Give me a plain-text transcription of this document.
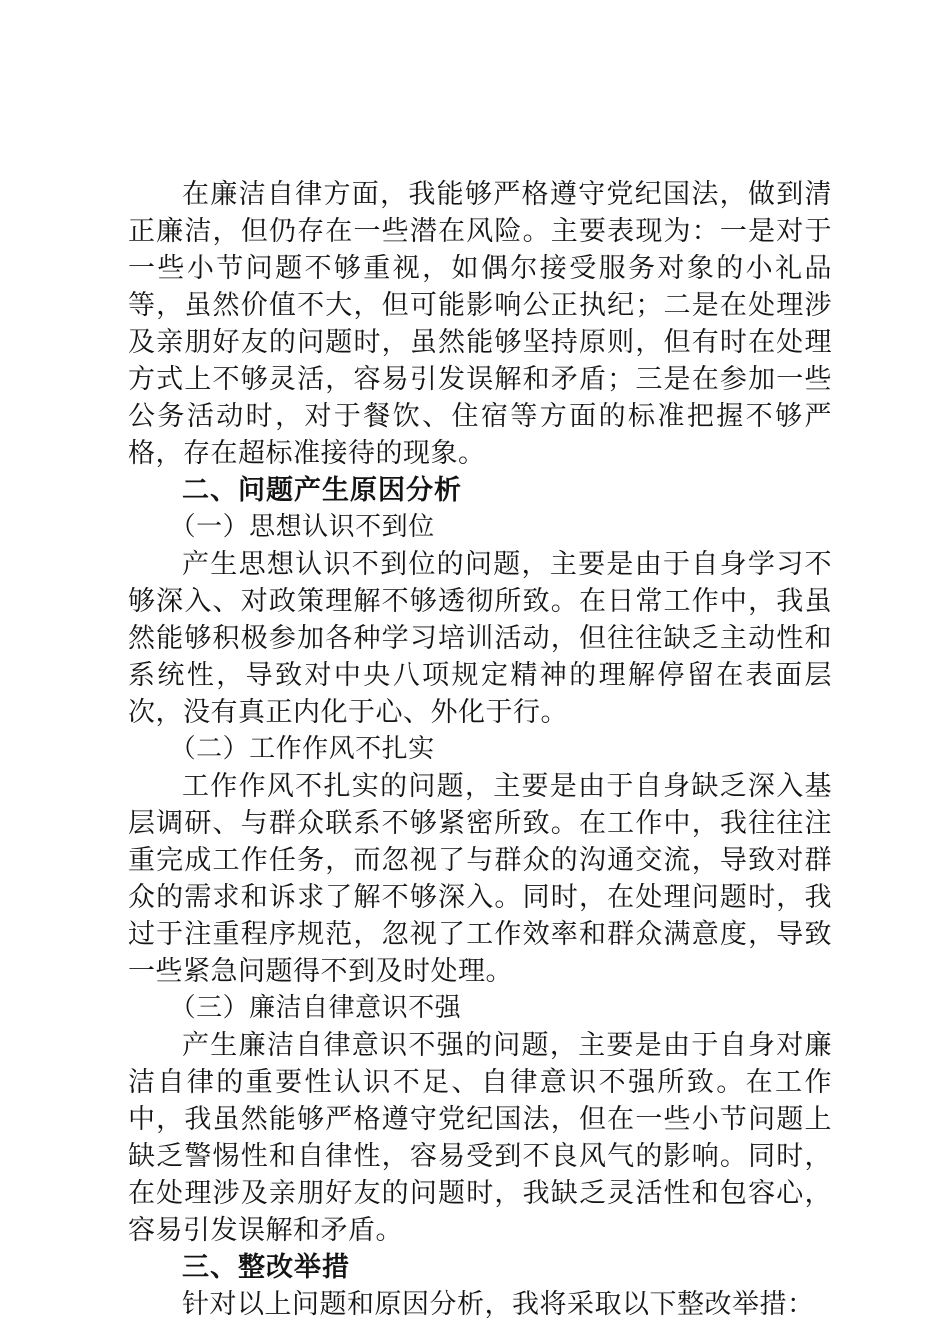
在廉洁自律方面，我能够严格遵守党纪国法，做到清正廉洁，但仍存在一些潜在风险。主要表现为：一是对于一些小节问题不够重视，如偶尔接受服务对象的小礼品等，虽然价值不大，但可能影响公正执纪；二是在处理涉及亲朋好友的问题时，虽然能够坚持原则，但有时在处理方式上不够灵活，容易引发误解和矛盾；三是在参加一些公务活动时，对于餐饮、住宿等方面的标准把握不够严格，存在超标准接待的现象。

二、问题产生原因分析

（一）思想认识不到位

产生思想认识不到位的问题，主要是由于自身学习不够深入、对政策理解不够透彻所致。在日常工作中，我虽然能够积极参加各种学习培训活动，但往往缺乏主动性和系统性，导致对中央八项规定精神的理解停留在表面层次，没有真正内化于心、外化于行。

（二）工作作风不扎实

工作作风不扎实的问题，主要是由于自身缺乏深入基层调研、与群众联系不够紧密所致。在工作中，我往往注重完成工作任务，而忽视了与群众的沟通交流，导致对群众的需求和诉求了解不够深入。同时，在处理问题时，我过于注重程序规范，忽视了工作效率和群众满意度，导致一些紧急问题得不到及时处理。

（三）廉洁自律意识不强

产生廉洁自律意识不强的问题，主要是由于自身对廉洁自律的重要性认识不足、自律意识不强所致。在工作中，我虽然能够严格遵守党纪国法，但在一些小节问题上缺乏警惕性和自律性，容易受到不良风气的影响。同时，在处理涉及亲朋好友的问题时，我缺乏灵活性和包容心，容易引发误解和矛盾。

三、整改举措

针对以上问题和原因分析，我将采取以下整改举措：
